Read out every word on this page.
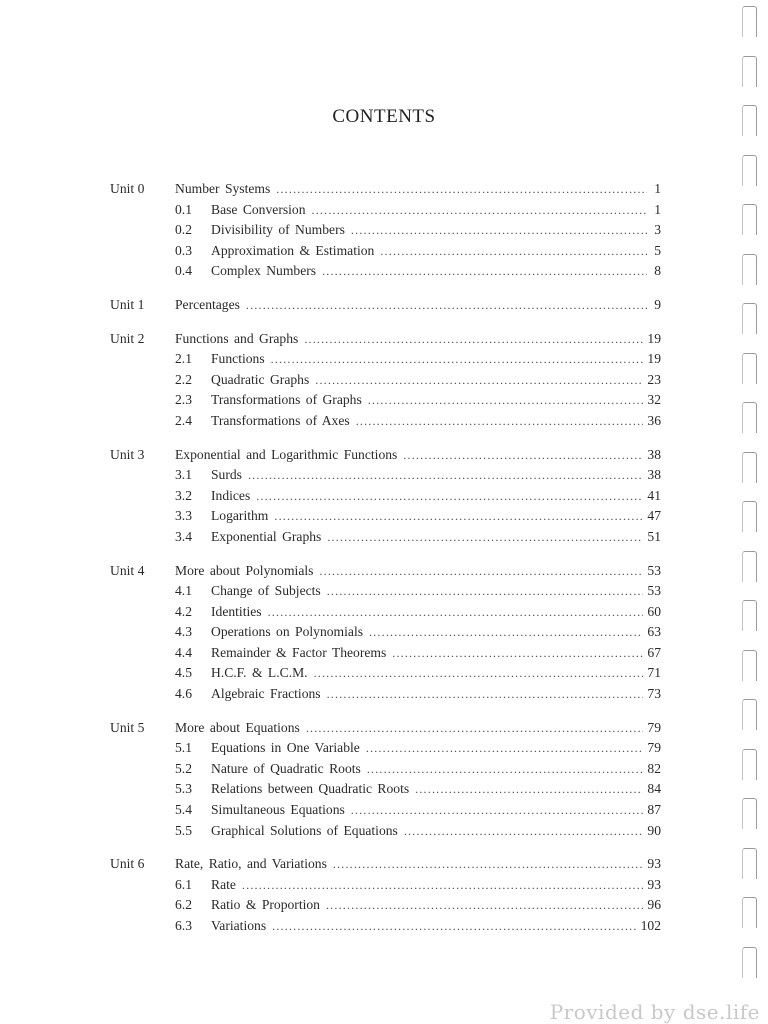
CONTENTS
Unit 0	Number Systems .....	1
0.1	Base Conversion .....	1
0.2	Divisibility of Numbers .....	3
0.3	Approximation & Estimation .....	5
0.4	Complex Numbers .....	8
Unit 1	Percentages .....	9
Unit 2	Functions and Graphs .....	19
2.1	Functions .....	19
2.2	Quadratic Graphs .....	23
2.3	Transformations of Graphs .....	32
2.4	Transformations of Axes .....	36
Unit 3	Exponential and Logarithmic Functions .....	38
3.1	Surds .....	38
3.2	Indices .....	41
3.3	Logarithm .....	47
3.4	Exponential Graphs .....	51
Unit 4	More about Polynomials .....	53
4.1	Change of Subjects .....	53
4.2	Identities .....	60
4.3	Operations on Polynomials .....	63
4.4	Remainder & Factor Theorems .....	67
4.5	H.C.F. & L.C.M. .....	71
4.6	Algebraic Fractions .....	73
Unit 5	More about Equations .....	79
5.1	Equations in One Variable .....	79
5.2	Nature of Quadratic Roots .....	82
5.3	Relations between Quadratic Roots .....	84
5.4	Simultaneous Equations .....	87
5.5	Graphical Solutions of Equations .....	90
Unit 6	Rate, Ratio, and Variations .....	93
6.1	Rate .....	93
6.2	Ratio & Proportion .....	96
6.3	Variations .....	102
Provided by dse.life
